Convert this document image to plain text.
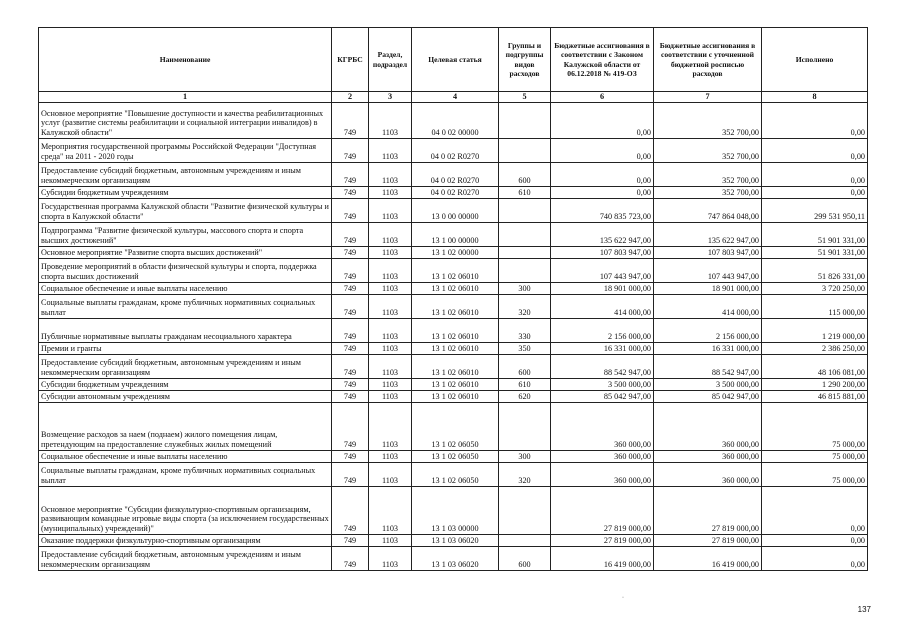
Наименование	КГРБС	Раздел, подраздел	Целевая статья	Группы и подгруппы видов расходов	Бюджетные ассигнования в соответствии с Законом Калужской области от 06.12.2018 № 419-ОЗ	Бюджетные ассигнования в соответствии с уточненной бюджетной росписью расходов	Исполнено
1	2	3	4	5	6	7	8
Основное мероприятие "Повышение доступности и качества реабилитационных услуг (развитие системы реабилитации и социальной интеграции инвалидов) в Калужской области"	749	1103	04 0 02 00000		0,00	352 700,00	0,00
Мероприятия государственной программы Российской Федерации "Доступная среда" на 2011 - 2020 годы	749	1103	04 0 02 R0270		0,00	352 700,00	0,00
Предоставление субсидий бюджетным, автономным учреждениям и иным некоммерческим организациям	749	1103	04 0 02 R0270	600	0,00	352 700,00	0,00
Субсидии бюджетным учреждениям	749	1103	04 0 02 R0270	610	0,00	352 700,00	0,00
Государственная программа Калужской области "Развитие физической культуры и спорта в Калужской области"	749	1103	13 0 00 00000		740 835 723,00	747 864 048,00	299 531 950,11
Подпрограмма "Развитие физической культуры, массового спорта и спорта высших достижений"	749	1103	13 1 00 00000		135 622 947,00	135 622 947,00	51 901 331,00
Основное мероприятие "Развитие спорта высших достижений"	749	1103	13 1 02 00000		107 803 947,00	107 803 947,00	51 901 331,00
Проведение мероприятий в области физической культуры и спорта, поддержка спорта высших достижений	749	1103	13 1 02 06010		107 443 947,00	107 443 947,00	51 826 331,00
Социальное обеспечение и иные выплаты населению	749	1103	13 1 02 06010	300	18 901 000,00	18 901 000,00	3 720 250,00
Социальные выплаты гражданам, кроме публичных нормативных социальных выплат	749	1103	13 1 02 06010	320	414 000,00	414 000,00	115 000,00
Публичные нормативные выплаты гражданам несоциального характера	749	1103	13 1 02 06010	330	2 156 000,00	2 156 000,00	1 219 000,00
Премии и гранты	749	1103	13 1 02 06010	350	16 331 000,00	16 331 000,00	2 386 250,00
Предоставление субсидий бюджетным, автономным учреждениям и иным некоммерческим организациям	749	1103	13 1 02 06010	600	88 542 947,00	88 542 947,00	48 106 081,00
Субсидии бюджетным учреждениям	749	1103	13 1 02 06010	610	3 500 000,00	3 500 000,00	1 290 200,00
Субсидии автономным учреждениям	749	1103	13 1 02 06010	620	85 042 947,00	85 042 947,00	46 815 881,00
Возмещение расходов за наем (поднаем) жилого помещения лицам, претендующим на предоставление служебных жилых помещений	749	1103	13 1 02 06050		360 000,00	360 000,00	75 000,00
Социальное обеспечение и иные выплаты населению	749	1103	13 1 02 06050	300	360 000,00	360 000,00	75 000,00
Социальные выплаты гражданам, кроме публичных нормативных социальных выплат	749	1103	13 1 02 06050	320	360 000,00	360 000,00	75 000,00
Основное мероприятие "Субсидии физкультурно-спортивным организациям, развивающим командные игровые виды спорта (за исключением государственных (муниципальных) учреждений)"	749	1103	13 1 03 00000		27 819 000,00	27 819 000,00	0,00
Оказание поддержки физкультурно-спортивным организациям	749	1103	13 1 03 06020		27 819 000,00	27 819 000,00	0,00
Предоставление субсидий бюджетным, автономным учреждениям и иным некоммерческим организациям	749	1103	13 1 03 06020	600	16 419 000,00	16 419 000,00	0,00
·
137
